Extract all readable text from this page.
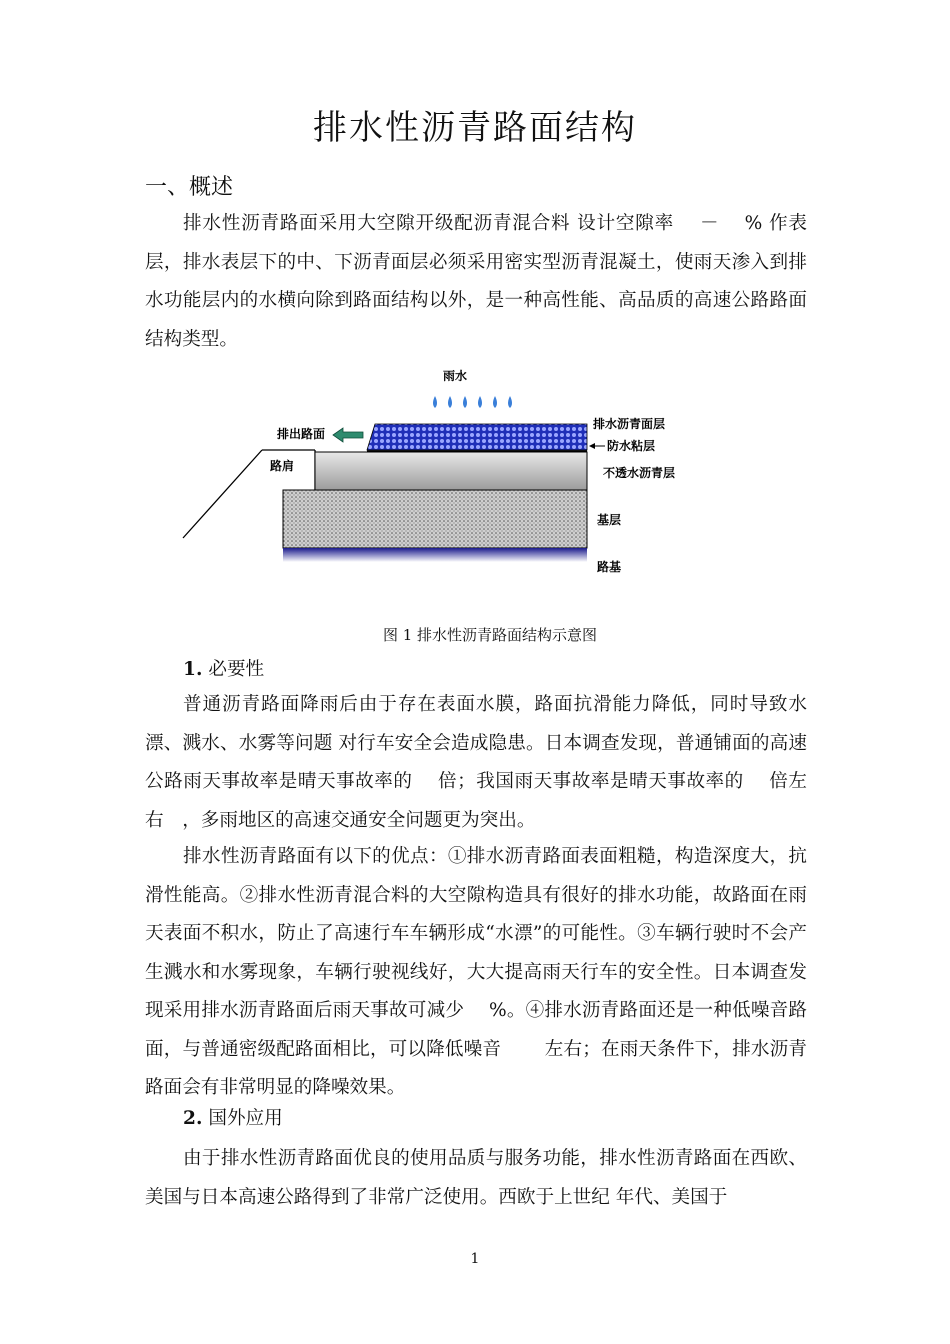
排水性沥青路面结构
一、概述
排水性沥青路面采用大空隙开级配沥青混合料 设计空隙率　 － 　% 作表层，排水表层下的中、下沥青面层必须采用密实型沥青混凝土，使雨天渗入到排水功能层内的水横向除到路面结构以外，是一种高性能、高品质的高速公路路面结构类型。
雨水
排出路面
排水沥青面层
防水粘层
路肩	不透水沥青层
基层
路基
图 1 排水性沥青路面结构示意图
1. 必要性
普通沥青路面降雨后由于存在表面水膜，路面抗滑能力降低，同时导致水漂、溅水、水雾等问题 对行车安全会造成隐患。日本调查发现，普通铺面的高速公路雨天事故率是晴天事故率的　 倍；我国雨天事故率是晴天事故率的　 倍左右　，多雨地区的高速交通安全问题更为突出。
排水性沥青路面有以下的优点：①排水沥青路面表面粗糙，构造深度大，抗滑性能高。②排水性沥青混合料的大空隙构造具有很好的排水功能，故路面在雨天表面不积水，防止了高速行车车辆形成“水漂”的可能性。③车辆行驶时不会产生溅水和水雾现象，车辆行驶视线好，大大提高雨天行车的安全性。日本调查发现采用排水沥青路面后雨天事故可减少　 %。④排水沥青路面还是一种低噪音路面，与普通密级配路面相比，可以降低噪音　　 左右；在雨天条件下，排水沥青路面会有非常明显的降噪效果。
2. 国外应用
由于排水性沥青路面优良的使用品质与服务功能，排水性沥青路面在西欧、美国与日本高速公路得到了非常广泛使用。西欧于上世纪 年代、美国于
1
